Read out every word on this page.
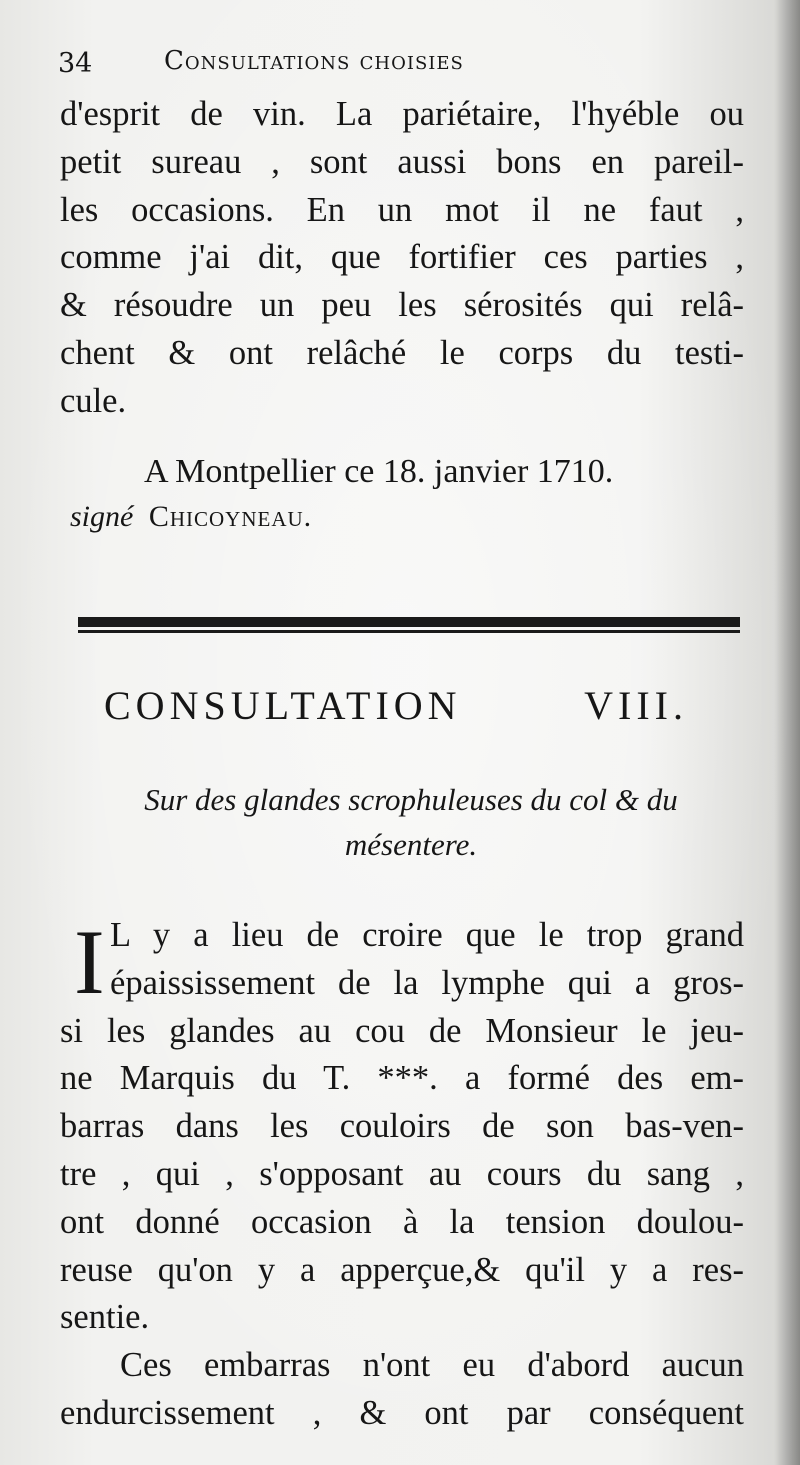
34	Consultations choisies
d'esprit de vin. La pariétaire, l'hyéble ou
petit sureau , sont aussi bons en pareil-
les occasions. En un mot il ne faut ,
comme j'ai dit, que fortifier ces parties ,
& résoudre un peu les sérosités qui relâ-
chent & ont relâché le corps du testi-
cule.
A Montpellier ce 18. janvier 1710.
signé Chicoyneau.
CONSULTATION VIII.
Sur des glandes scrophuleuses du col & du
mésentere.
I L y a lieu de croire que le trop grand
épaississement de la lymphe qui a gros-
si les glandes au cou de Monsieur le jeu-
ne Marquis du T. ***. a formé des em-
barras dans les couloirs de son bas-ven-
tre , qui , s'opposant au cours du sang ,
ont donné occasion à la tension doulou-
reuse qu'on y a apperçue,& qu'il y a res-
sentie.
Ces embarras n'ont eu d'abord aucun
endurcissement , & ont par conséquent
